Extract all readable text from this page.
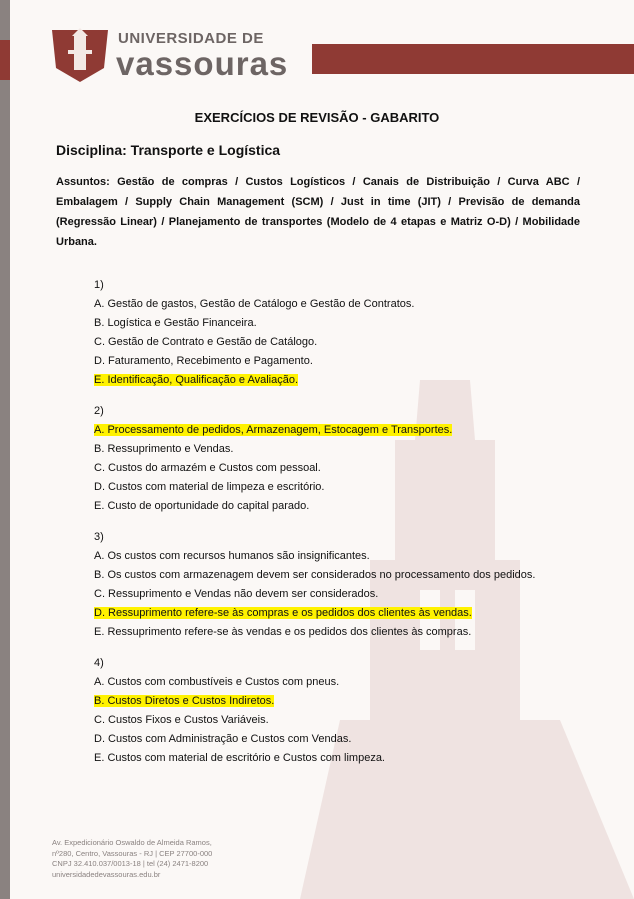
UNIVERSIDADE DE
vassouras
EXERCÍCIOS DE REVISÃO - GABARITO
Disciplina: Transporte e Logística
Assuntos: Gestão de compras / Custos Logísticos / Canais de Distribuição / Curva ABC / Embalagem / Supply Chain Management (SCM) / Just in time (JIT) / Previsão de demanda (Regressão Linear) / Planejamento de transportes (Modelo de 4 etapas e Matriz O-D) / Mobilidade Urbana.
1)
A. Gestão de gastos, Gestão de Catálogo e Gestão de Contratos.
B. Logística e Gestão Financeira.
C. Gestão de Contrato e Gestão de Catálogo.
D. Faturamento, Recebimento e Pagamento.
E. Identificação, Qualificação e Avaliação.
2)
A. Processamento de pedidos, Armazenagem, Estocagem e Transportes.
B. Ressuprimento e Vendas.
C. Custos do armazém e Custos com pessoal.
D. Custos com material de limpeza e escritório.
E. Custo de oportunidade do capital parado.
3)
A. Os custos com recursos humanos são insignificantes.
B. Os custos com armazenagem devem ser considerados no processamento dos pedidos.
C. Ressuprimento e Vendas não devem ser considerados.
D. Ressuprimento refere-se às compras e os pedidos dos clientes às vendas.
E. Ressuprimento refere-se às vendas e os pedidos dos clientes às compras.
4)
A. Custos com combustíveis e Custos com pneus.
B. Custos Diretos e Custos Indiretos.
C. Custos Fixos e Custos Variáveis.
D. Custos com Administração e Custos com Vendas.
E. Custos com material de escritório e Custos com limpeza.
Av. Expedicionário Oswaldo de Almeida Ramos,
nº280, Centro, Vassouras - RJ | CEP 27700-000
CNPJ 32.410.037/0013-18 | tel (24) 2471-8200
universidadedevassouras.edu.br
